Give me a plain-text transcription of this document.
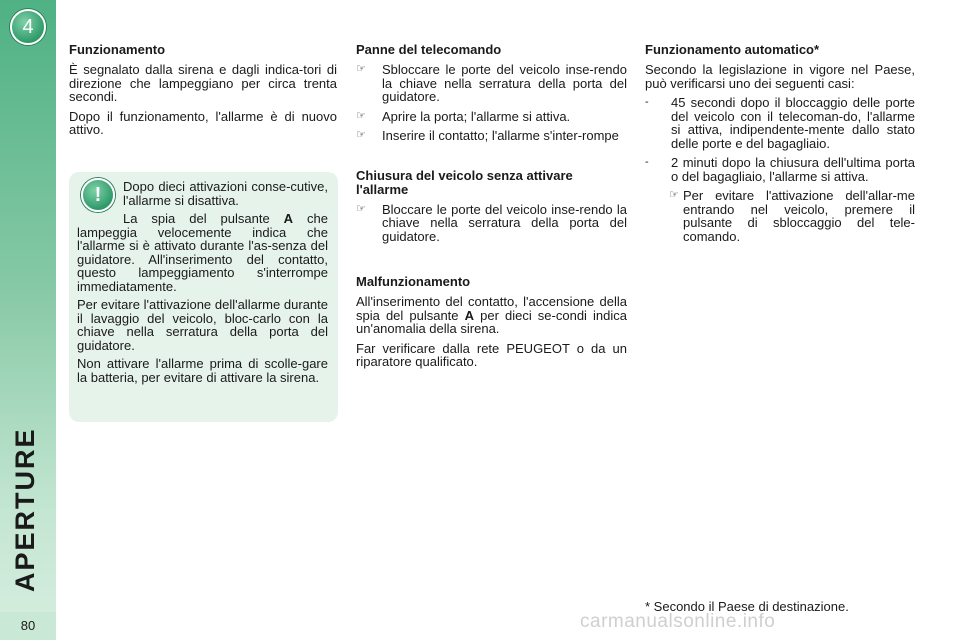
4
APERTURE
80
Funzionamento

È segnalato dalla sirena e dagli indica-tori di direzione che lampeggiano per circa trenta secondi.

Dopo il funzionamento, l'allarme è di nuovo attivo.

!	Dopo dieci attivazioni conse-cutive, l'allarme si disattiva.

La spia del pulsante A che lampeggia velocemente indica che l'allarme si è attivato durante l'as-senza del guidatore. All'inserimento del contatto, questo lampeggiamento s'interrompe immediatamente.

Per evitare l'attivazione dell'allarme durante il lavaggio del veicolo, bloc-carlo con la chiave nella serratura della porta del guidatore.

Non attivare l'allarme prima di scolle-gare la batteria, per evitare di attivare la sirena.

Panne del telecomando
☞	Sbloccare le porte del veicolo inse-rendo la chiave nella serratura della porta del guidatore.
☞	Aprire la porta; l'allarme si attiva.
☞	Inserire il contatto; l'allarme s'inter-rompe
Chiusura del veicolo senza attivare l'allarme
☞	Bloccare le porte del veicolo inse-rendo la chiave nella serratura della porta del guidatore.
Malfunzionamento

All'inserimento del contatto, l'accensione della spia del pulsante A per dieci se-condi indica un'anomalia della sirena.

Far verificare dalla rete PEUGEOT o da un riparatore qualificato.

Funzionamento automatico*

Secondo la legislazione in vigore nel Paese, può verificarsi uno dei seguenti casi:

-	45 secondi dopo il bloccaggio delle porte del veicolo con il telecoman-do, l'allarme si attiva, indipendente-mente dallo stato delle porte e del bagagliaio.
-	2 minuti dopo la chiusura dell'ultima porta o del bagagliaio, l'allarme si attiva.
☞ Per evitare l'attivazione dell'allar-me entrando nel veicolo, premere il pulsante di sbloccaggio del tele-comando.
* Secondo il Paese di destinazione.
carmanualsonline.info
